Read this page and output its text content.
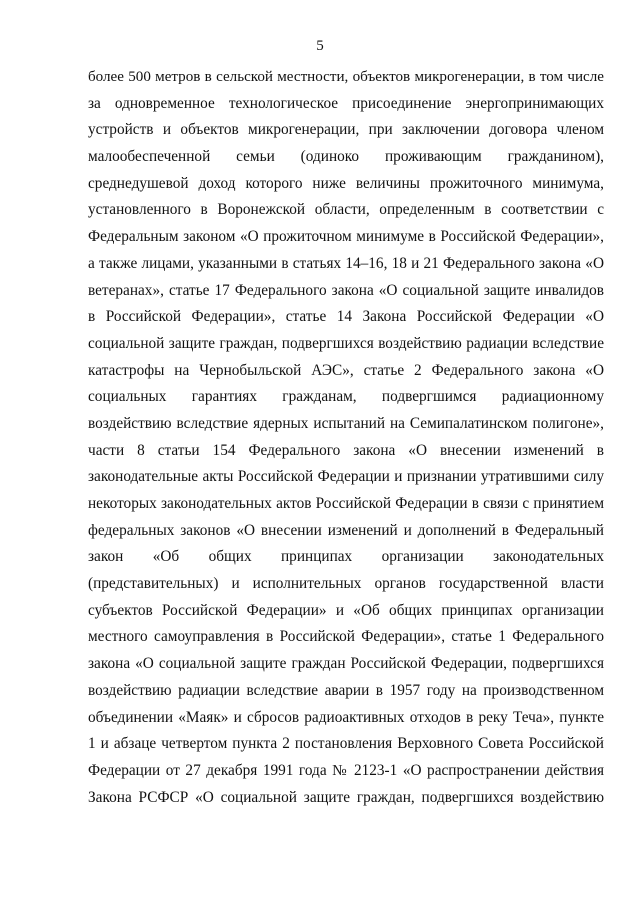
5
более 500 метров в сельской местности, объектов микрогенерации, в том числе
за одновременное технологическое присоединение энергопринимающих
устройств и объектов микрогенерации, при заключении договора членом
малообеспеченной семьи (одиноко проживающим гражданином),
среднедушевой доход которого ниже величины прожиточного минимума,
установленного в Воронежской области, определенным в соответствии с
Федеральным законом «О прожиточном минимуме в Российской Федерации»,
а также лицами, указанными в статьях 14–16, 18 и 21 Федерального закона «О
ветеранах», статье 17 Федерального закона «О социальной защите инвалидов
в Российской Федерации», статье 14 Закона Российской Федерации «О
социальной защите граждан, подвергшихся воздействию радиации вследствие
катастрофы на Чернобыльской АЭС», статье 2 Федерального закона «О
социальных гарантиях гражданам, подвергшимся радиационному
воздействию вследствие ядерных испытаний на Семипалатинском полигоне»,
части 8 статьи 154 Федерального закона «О внесении изменений в
законодательные акты Российской Федерации и признании утратившими силу
некоторых законодательных актов Российской Федерации в связи с принятием
федеральных законов «О внесении изменений и дополнений в Федеральный
закон «Об общих принципах организации законодательных
(представительных) и исполнительных органов государственной власти
субъектов Российской Федерации» и «Об общих принципах организации
местного самоуправления в Российской Федерации», статье 1 Федерального
закона «О социальной защите граждан Российской Федерации, подвергшихся
воздействию радиации вследствие аварии в 1957 году на производственном
объединении «Маяк» и сбросов радиоактивных отходов в реку Теча», пункте
1 и абзаце четвертом пункта 2 постановления Верховного Совета Российской
Федерации от 27 декабря 1991 года № 2123-1 «О распространении действия
Закона РСФСР «О социальной защите граждан, подвергшихся воздействию
